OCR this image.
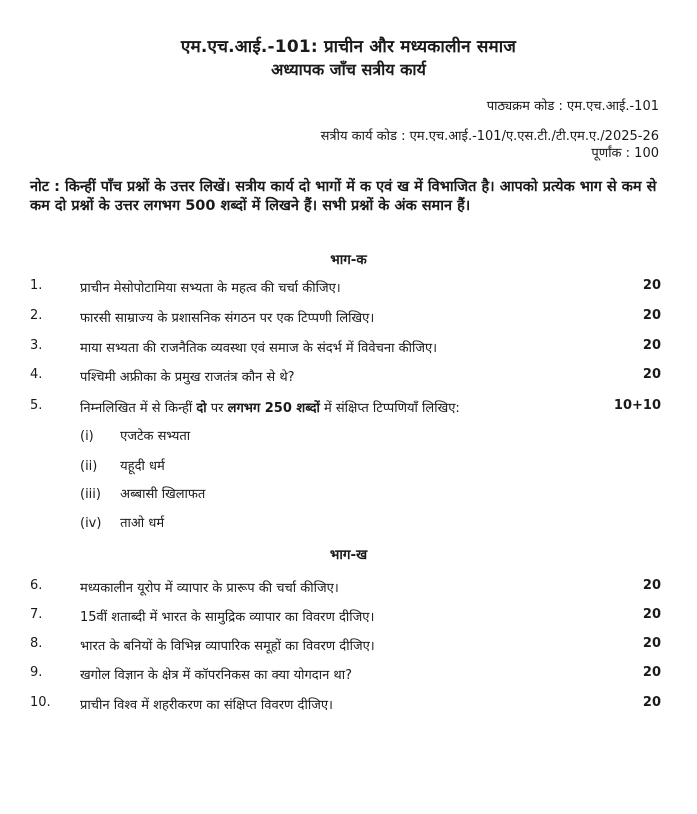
एम.एच.आई.-101: प्राचीन और मध्यकालीन समाज
अध्यापक जाँच सत्रीय कार्य
पाठ्यक्रम कोड : एम.एच.आई.-101
सत्रीय कार्य कोड : एम.एच.आई.-101/ए.एस.टी./टी.एम.ए./2025-26
पूर्णांक : 100
नोट : किन्हीं पाँच प्रश्नों के उत्तर लिखें। सत्रीय कार्य दो भागों में क एवं ख में विभाजित है। आपको प्रत्येक भाग से कम से कम दो प्रश्नों के उत्तर लगभग 500 शब्दों में लिखने हैं। सभी प्रश्नों के अंक समान हैं।
भाग-क
1.	प्राचीन मेसोपोटामिया सभ्यता के महत्व की चर्चा कीजिए।	20
2.	फारसी साम्राज्य के प्रशासनिक संगठन पर एक टिप्पणी लिखिए।	20
3.	माया सभ्यता की राजनैतिक व्यवस्था एवं समाज के संदर्भ में विवेचना कीजिए।	20
4.	पश्चिमी अफ्रीका के प्रमुख राजतंत्र कौन से थे?	20
5.	निम्नलिखित में से किन्हीं दो पर लगभग 250 शब्दों में संक्षिप्त टिप्पणियाँ लिखिए:	10+10
(i) एजटेक सभ्यता
(ii) यहूदी धर्म
(iii) अब्बासी खिलाफत
(iv) ताओ धर्म
भाग-ख
6.	मध्यकालीन यूरोप में व्यापार के प्रारूप की चर्चा कीजिए।	20
7.	15वीं शताब्दी में भारत के सामुद्रिक व्यापार का विवरण दीजिए।	20
8.	भारत के बनियों के विभिन्न व्यापारिक समूहों का विवरण दीजिए।	20
9.	खगोल विज्ञान के क्षेत्र में कॉपरनिकस का क्या योगदान था?	20
10. प्राचीन विश्व में शहरीकरण का संक्षिप्त विवरण दीजिए।	20
